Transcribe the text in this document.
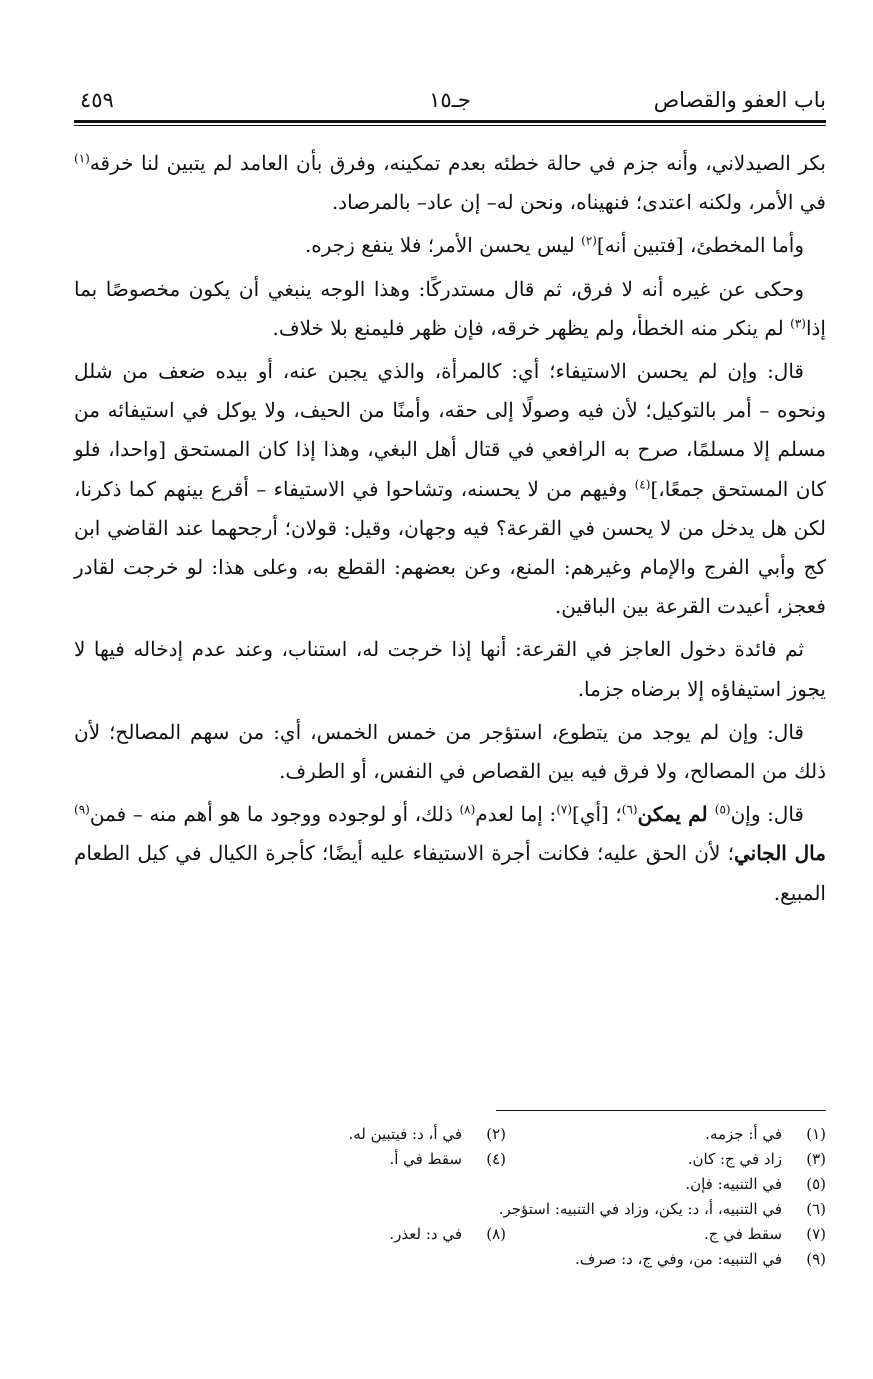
باب العفو والقصاص
جـ١٥
٤٥٩

بكر الصيدلاني، وأنه جزم في حالة خطئه بعدم تمكينه، وفرق بأن العامد لم يتبين لنا خرقه$^{(١)}$ في الأمر، ولكنه اعتدى؛ فنهيناه، ونحن له– إن عاد– بالمرصاد.

وأما المخطئ، [فتبين أنه]$^{(٢)}$ ليس يحسن الأمر؛ فلا ينفع زجره.

وحكى عن غيره أنه لا فرق، ثم قال مستدركًا: وهذا الوجه ينبغي أن يكون مخصوصًا بما إذا$^{(٣)}$ لم ينكر منه الخطأ، ولم يظهر خرقه، فإن ظهر فليمنع بلا خلاف.

قال: وإن لم يحسن الاستيفاء؛ أي: كالمرأة، والذي يجبن عنه، أو بيده ضعف من شلل ونحوه – أمر بالتوكيل؛ لأن فيه وصولًا إلى حقه، وأمنًا من الحيف، ولا يوكل في استيفائه من مسلم إلا مسلمًا، صرح به الرافعي في قتال أهل البغي، وهذا إذا كان المستحق [واحدا، فلو كان المستحق جمعًا،]$^{(٤)}$ وفيهم من لا يحسنه، وتشاحوا في الاستيفاء – أقرع بينهم كما ذكرنا، لكن هل يدخل من لا يحسن في القرعة؟ فيه وجهان، وقيل: قولان؛ أرجحهما عند القاضي ابن كج وأبي الفرج والإمام وغيرهم: المنع، وعن بعضهم: القطع به، وعلى هذا: لو خرجت لقادر فعجز، أعيدت القرعة بين الباقين.

ثم فائدة دخول العاجز في القرعة: أنها إذا خرجت له، استناب، وعند عدم إدخاله فيها لا يجوز استيفاؤه إلا برضاه جزما.

قال: وإن لم يوجد من يتطوع، استؤجر من خمس الخمس، أي: من سهم المصالح؛ لأن ذلك من المصالح، ولا فرق فيه بين القصاص في النفس، أو الطرف.

قال: وإن$^{(٥)}$ لم يمكن$^{(٦)}$؛ [أي]$^{(٧)}$: إما لعدم$^{(٨)}$ ذلك، أو لوجوده ووجود ما هو أهم منه – فمن$^{(٩)}$ مال الجاني؛ لأن الحق عليه؛ فكانت أجرة الاستيفاء عليه أيضًا؛ كأجرة الكيال في كيل الطعام المبيع.

(١)
في أ: جزمه.
(٢)
في أ، د: فيتبين له.
(٣)
زاد في ج: كان.
(٤)
سقط في أ.
(٥)
في التنبيه: فإن.
(٦)
في التنبيه، أ، د: يكن، وزاد في التنبيه: استؤجر.
(٧)
سقط في ج.
(٨)
في د: لعذر.
(٩)
في التنبيه: من، وفي ج، د: صرف.
